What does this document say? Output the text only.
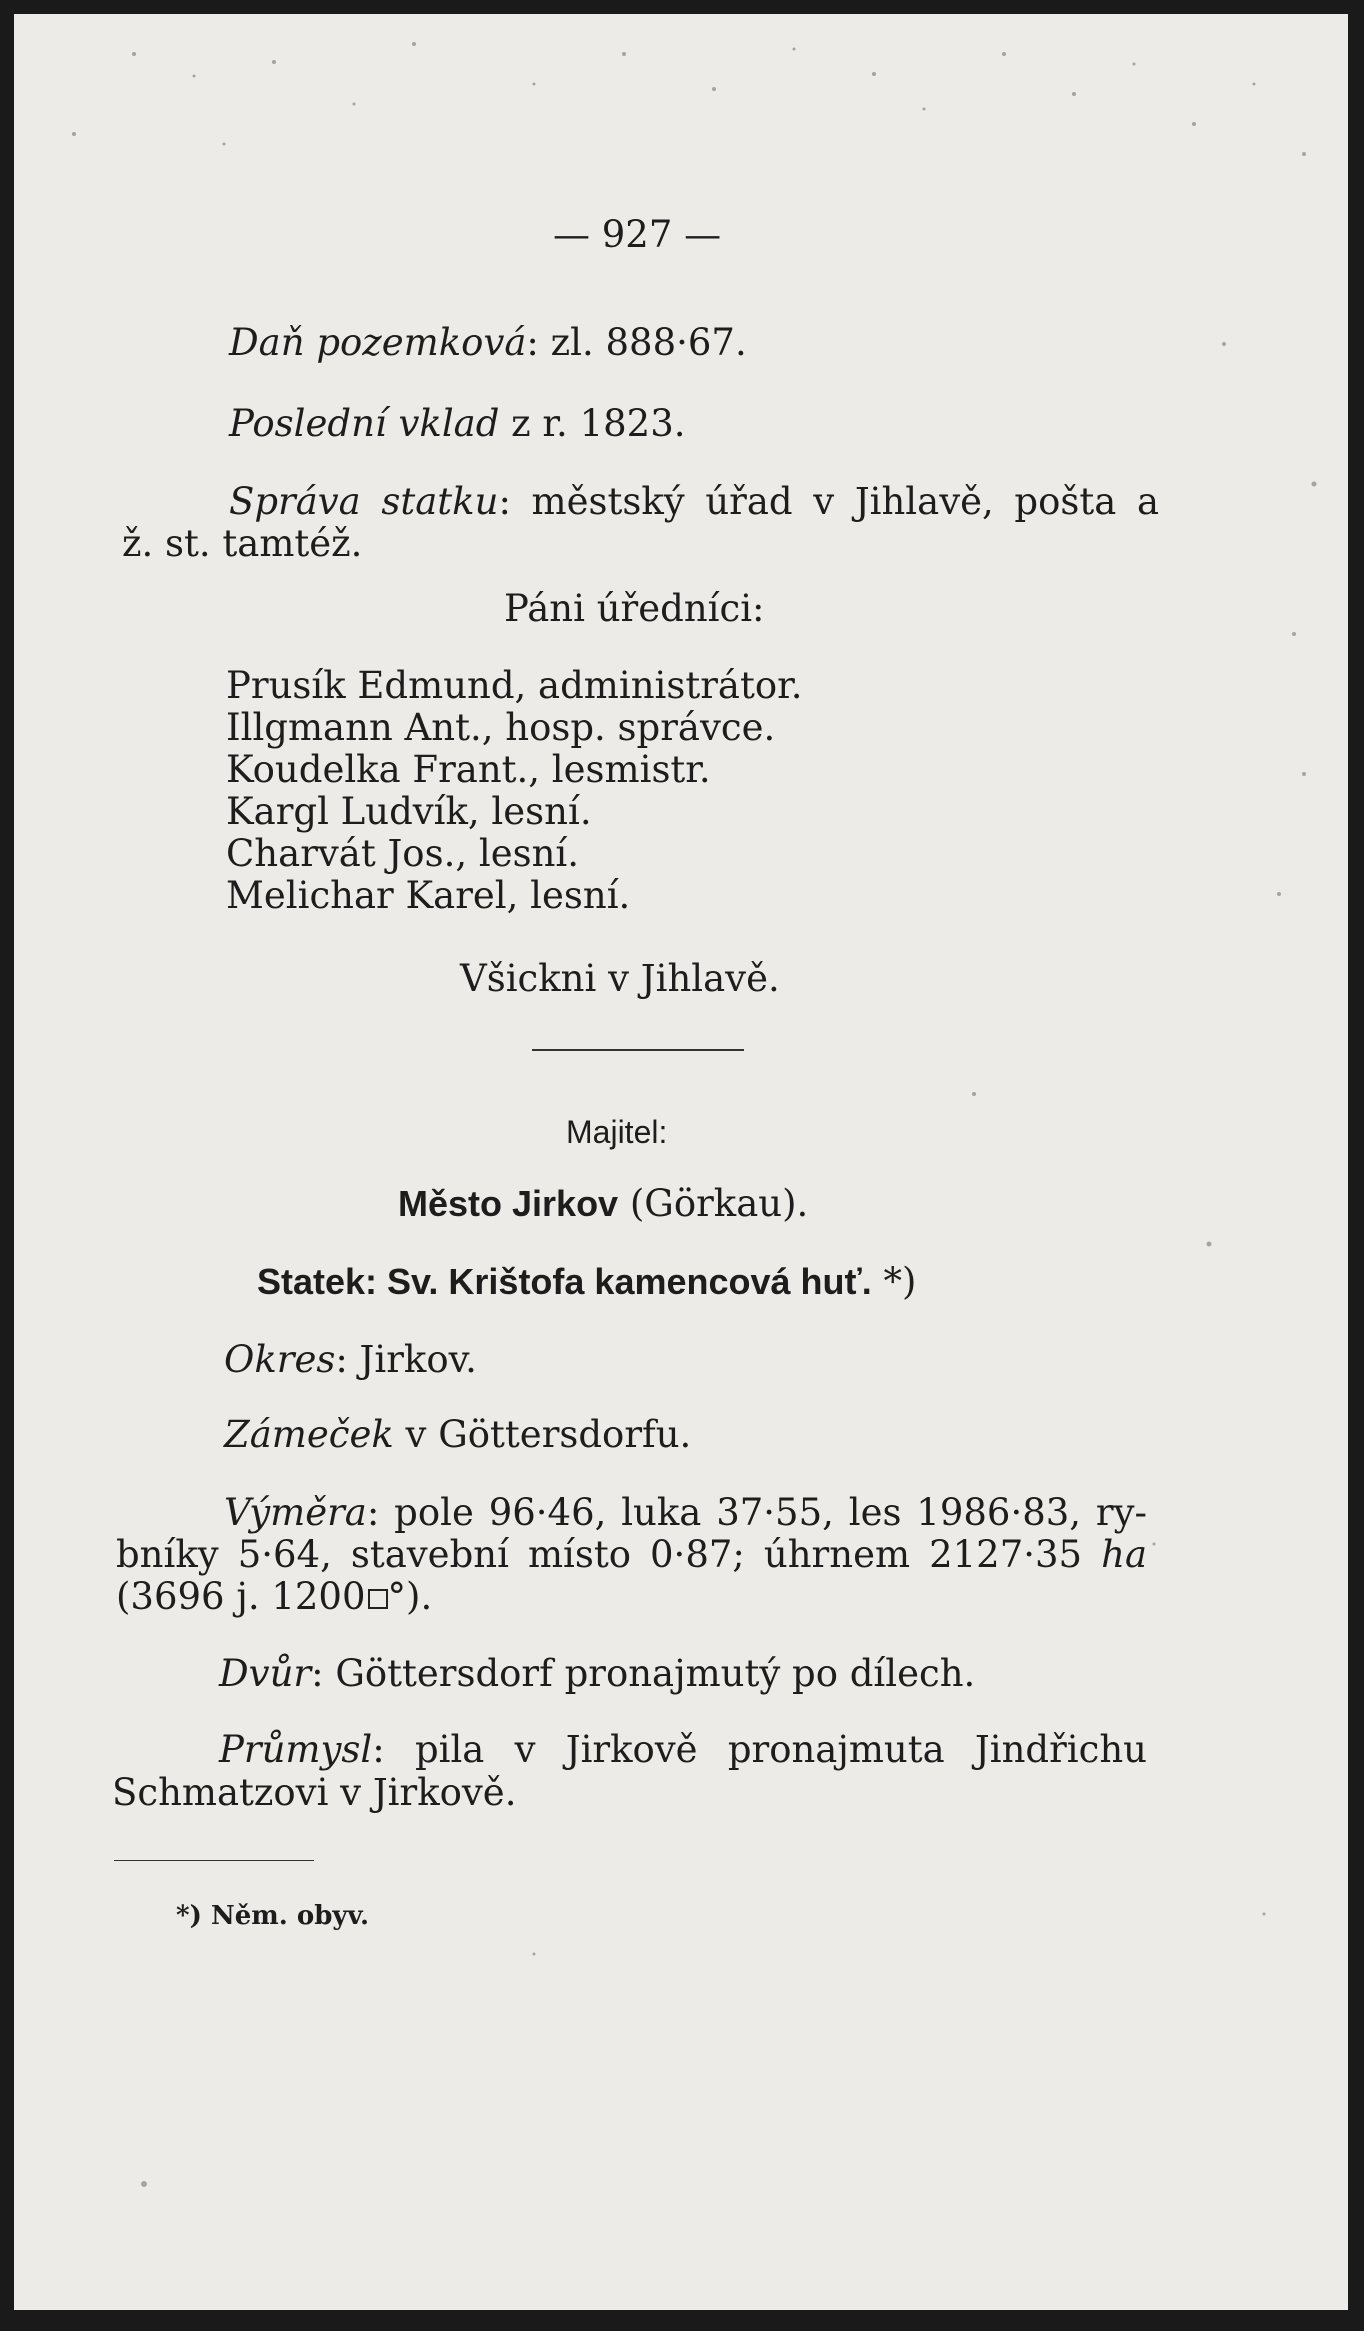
— 927 —

Daň pozemková: zl. 888·67.

Poslední vklad z r. 1823.

Správa statku: městský úřad v Jihlavě, pošta a

ž. st. tamtéž.

Páni úředníci:

Prusík Edmund, administrátor.

Illgmann Ant., hosp. správce.

Koudelka Frant., lesmistr.

Kargl Ludvík, lesní.

Charvát Jos., lesní.

Melichar Karel, lesní.

Všickni v Jihlavě.

Majitel:

Město Jirkov (Görkau).

Statek: Sv. Krištofa kamencová huť. *)

Okres: Jirkov.

Zámeček v Göttersdorfu.

Výměra: pole 96·46, luka 37·55, les 1986·83, ry-

bníky 5·64, stavební místo 0·87; úhrnem 2127·35 ha

(3696 j. 1200 °).

Dvůr: Göttersdorf pronajmutý po dílech.

Průmysl: pila v Jirkově pronajmuta Jindřichu

Schmatzovi v Jirkově.

*) Něm. obyv.
